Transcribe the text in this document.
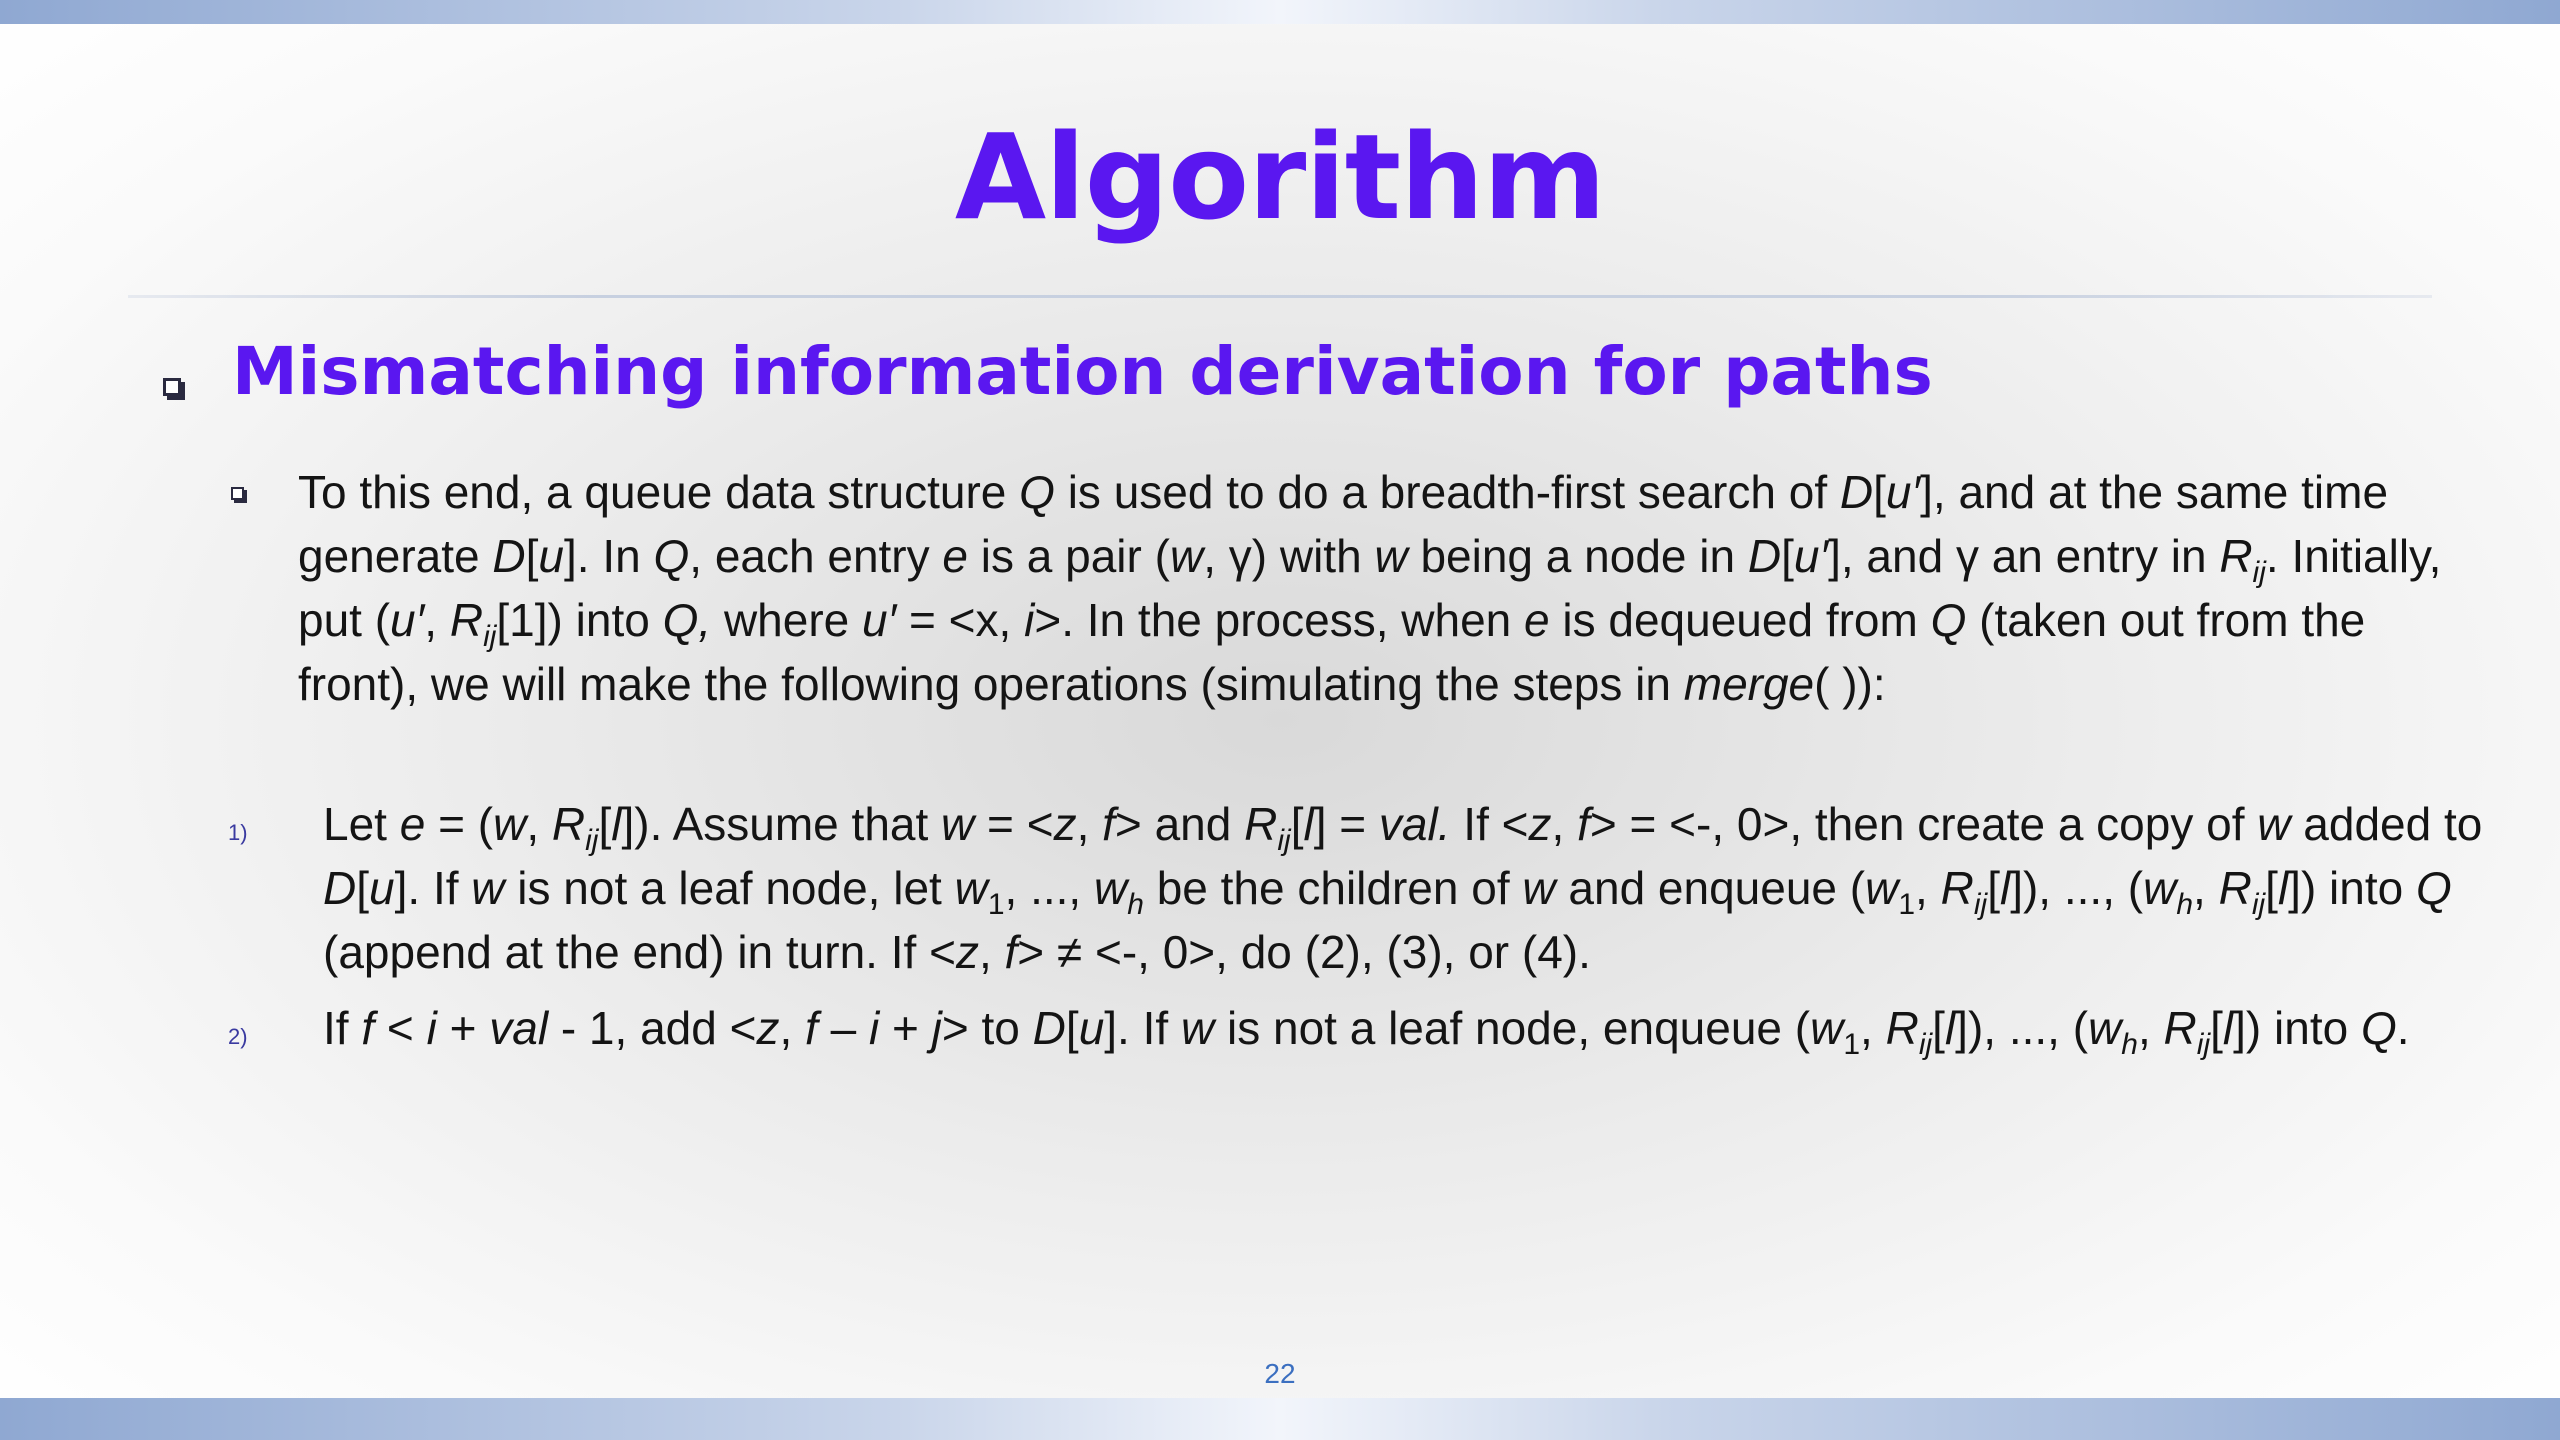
Algorithm
Mismatching information derivation for paths

To this end, a queue data structure Q is used to do a breadth-first search of D[u′], and at the same time generate D[u]. In Q, each entry e is a pair (w, γ) with w being a node in D[u′], and γ an entry in $R_{ij}$. Initially, put (u′, $R_{ij}[1]$) into Q, where u′ = <x, i>. In the process, when e is dequeued from Q (taken out from the front), we will make the following operations (simulating the steps in merge( )):

1) Let e = (w, $R_{ij}[l]$). Assume that w = <z, f> and $R_{ij}[l]$ = val. If <z, f> = <-, 0>, then create a copy of w added to D[u]. If w is not a leaf node, let $w_1$, ..., $w_h$ be the children of w and enqueue ($w_1$, $R_{ij}[l]$), ..., ($w_h$, $R_{ij}[l]$) into Q (append at the end) in turn. If <z, f> ≠ <-, 0>, do (2), (3), or (4).

2) If f < i + val - 1, add <z, f – i + j> to D[u]. If w is not a leaf node, enqueue ($w_1$, $R_{ij}[l]$), ..., ($w_h$, $R_{ij}[l]$) into Q.

22
